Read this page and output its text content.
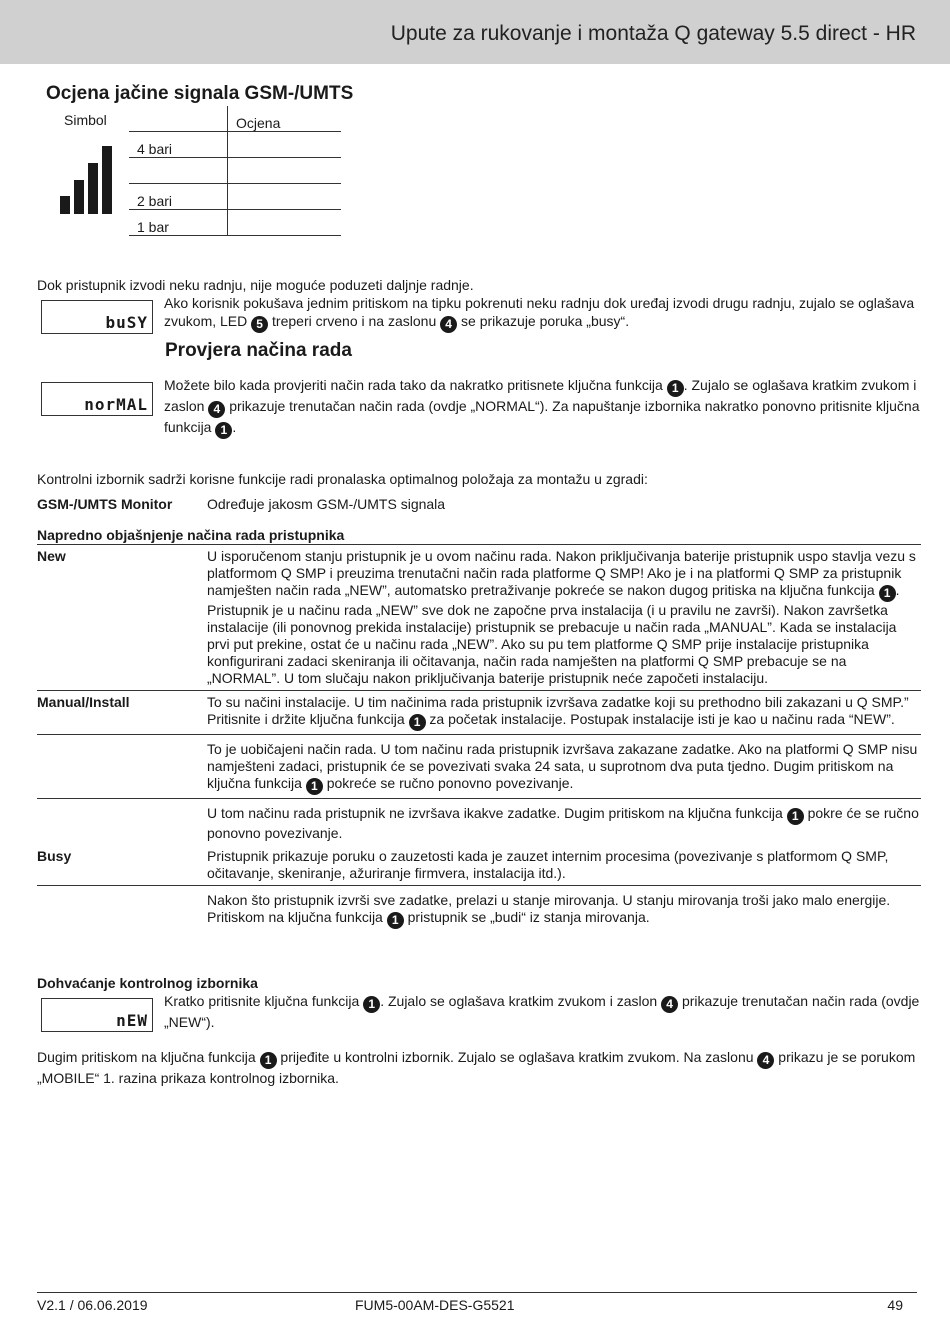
Upute za rukovanje i montaža Q gateway 5.5 direct - HR
Ocjena jačine signala GSM-/UMTS
Simbol
		Ocjena
4 bari	

2 bari	
1 bar	
Dok pristupnik izvodi neku radnju, nije moguće poduzeti daljnje radnje.
buSY
Ako korisnik pokušava jednim pritiskom na tipku pokrenuti neku radnju dok uređaj izvodi drugu radnju, zujalo se oglašava zvukom, LED 5 treperi crveno i na zaslonu 4 se prikazuje poruka „busy“.
Provjera načina rada
norMAL
Možete bilo kada provjeriti način rada tako da nakratko pritisnete ključna funkcija 1 . Zujalo se oglašava kratkim zvukom i zaslon 4 prikazuje trenutačan način rada (ovdje „NORMAL“). Za napuštanje izbornika nakratko ponovno pritisnite ključna funkcija 1 .
Kontrolni izbornik sadrži korisne funkcije radi pronalaska optimalnog položaja za montažu u zgradi:
GSM-/UMTS Monitor Određuje jakosm GSM-/UMTS signala
Napredno objašnjenje načina rada pristupnika
New	U isporučenom stanju pristupnik je u ovom načinu rada. Nakon priključivanja baterije pristupnik uspo stavlja vezu s platformom Q SMP i preuzima trenutačni način rada platforme Q SMP! Ako je i na platformi Q SMP za pristupnik namješten način rada „NEW”, automatsko pretraživanje pokreće se nakon dugog pritiska na ključna funkcija 1 . Pristupnik je u načinu rada „NEW” sve dok ne započne prva instalacija (i u pravilu ne završi). Nakon završetka instalacije (ili ponovnog prekida instalacije) pristupnik se prebacuje u način rada „MANUAL”. Kada se instalacija prvi put prekine, ostat će u načinu rada „NEW”. Ako su pu tem platforme Q SMP prije instalacije pristupnika konfigurirani zadaci skeniranja ili očitavanja, način rada namješten na platformi Q SMP prebacuje se na „NORMAL”. U tom slučaju nakon priključivanja baterije pristupnik neće započeti instalaciju.
Manual/Install	To su načini instalacije. U tim načinima rada pristupnik izvršava zadatke koji su prethodno bili zakazani u Q SMP.” Pritisnite i držite ključna funkcija 1 za početak instalacije. Postupak instalacije isti je kao u načinu rada “NEW”.
	To je uobičajeni način rada. U tom načinu rada pristupnik izvršava zakazane zadatke. Ako na platformi Q SMP nisu namješteni zadaci, pristupnik će se povezivati svaka 24 sata, u suprotnom dva puta tjedno. Dugim pritiskom na ključna funkcija 1 pokreće se ručno ponovno povezivanje.
	U tom načinu rada pristupnik ne izvršava ikakve zadatke. Dugim pritiskom na ključna funkcija 1 pokre će se ručno ponovno povezivanje.
Busy	Pristupnik prikazuje poruku o zauzetosti kada je zauzet internim procesima (povezivanje s platformom Q SMP, očitavanje, skeniranje, ažuriranje firmvera, instalacija itd.).
	Nakon što pristupnik izvrši sve zadatke, prelazi u stanje mirovanja. U stanju mirovanja troši jako malo energije. Pritiskom na ključna funkcija 1 pristupnik se „budi“ iz stanja mirovanja.
Dohvaćanje kontrolnog izbornika
nEW
Kratko pritisnite ključna funkcija 1 . Zujalo se oglašava kratkim zvukom i zaslon 4 prikazuje trenutačan način rada (ovdje „NEW“).
Dugim pritiskom na ključna funkcija 1 prijeđite u kontrolni izbornik. Zujalo se oglašava kratkim zvukom. Na zaslonu 4 prikazu je se porukom „MOBILE“ 1. razina prikaza kontrolnog izbornika.
V2.1 / 06.06.2019	FUM5-00AM-DES-G5521	49
